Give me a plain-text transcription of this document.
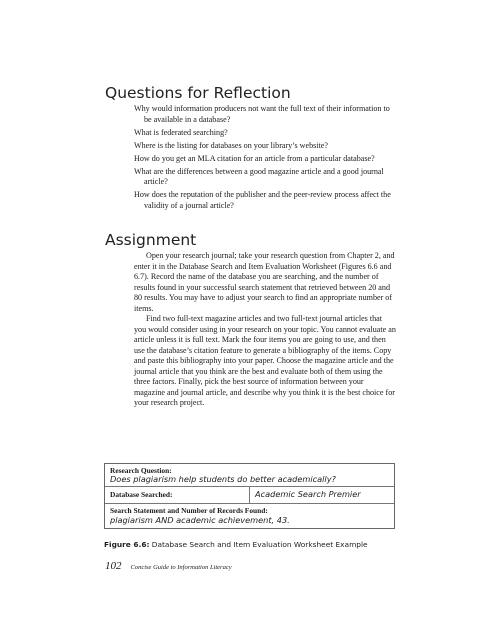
Questions for Reflection
Why would information producers not want the full text of their information to be available in a database?
What is federated searching?
Where is the listing for databases on your library’s website?
How do you get an MLA citation for an article from a particular database?
What are the differences between a good magazine article and a good journal article?
How does the reputation of the publisher and the peer-review process affect the validity of a journal article?
Assignment

Open your research journal; take your research question from Chapter 2, and enter it in the Database Search and Item Evaluation Worksheet (Figures 6.6 and 6.7). Record the name of the database you are searching, and the number of results found in your successful search statement that retrieved between 20 and 80 results. You may have to adjust your search to find an appropriate number of items.

Find two full-text magazine articles and two full-text journal articles that you would consider using in your research on your topic. You cannot evaluate an article unless it is full text. Mark the four items you are going to use, and then use the database’s citation feature to generate a bibliography of the items. Copy and paste this bibliography into your paper. Choose the magazine article and the journal article that you think are the best and evaluate both of them using the three factors. Finally, pick the best source of information between your magazine and journal article, and describe why you think it is the best choice for your research project.

Research Question:
Does plagiarism help students do better academically?
Database Searched:	Academic Search Premier
Search Statement and Number of Records Found:
plagiarism AND academic achievement, 43.
Figure 6.6: Database Search and Item Evaluation Worksheet Example
102 Concise Guide to Information Literacy
